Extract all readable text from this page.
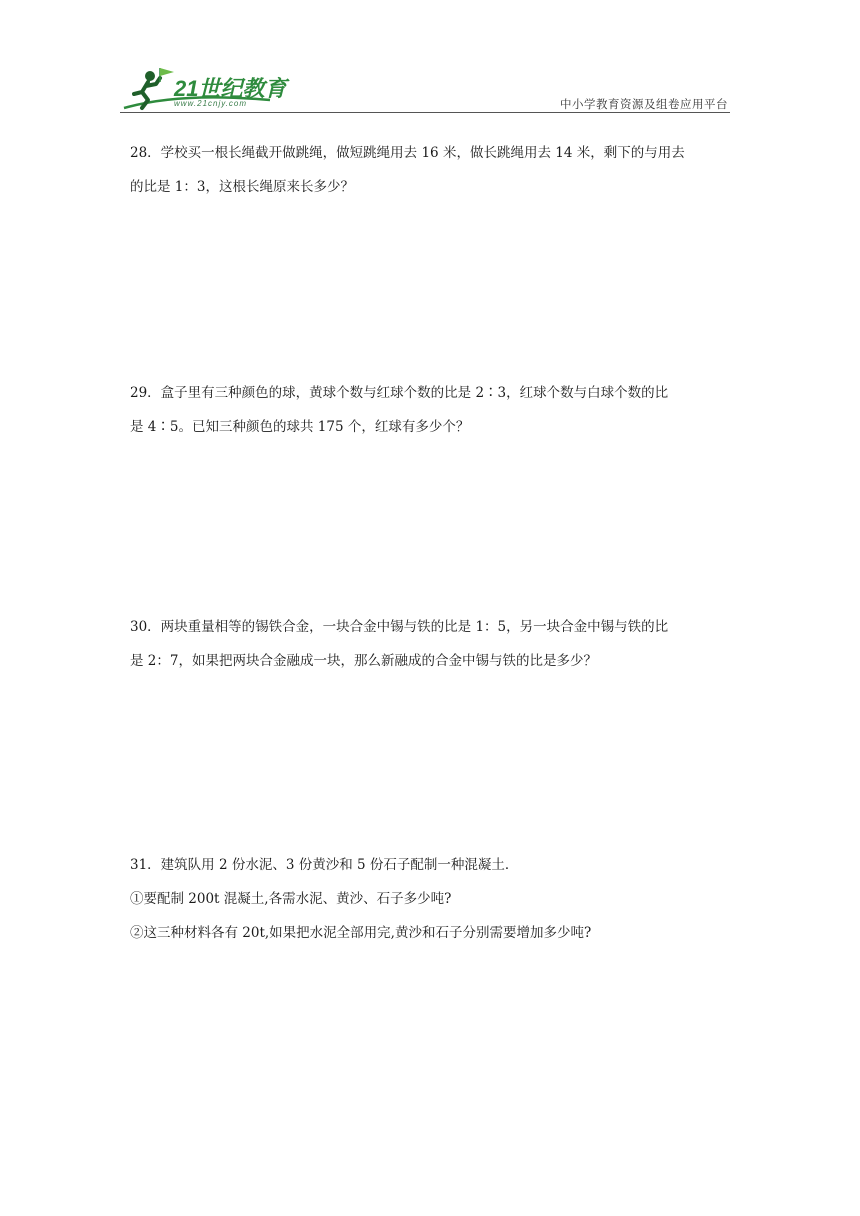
21世纪教育
www.21cnjy.com	中小学教育资源及组卷应用平台

28．学校买一根长绳截开做跳绳，做短跳绳用去 16 米，做长跳绳用去 14 米，剩下的与用去

的比是 1：3，这根长绳原来长多少？

29．盒子里有三种颜色的球，黄球个数与红球个数的比是 2∶3，红球个数与白球个数的比

是 4∶5。已知三种颜色的球共 175 个，红球有多少个？

30．两块重量相等的锡铁合金，一块合金中锡与铁的比是 1：5，另一块合金中锡与铁的比

是 2：7，如果把两块合金融成一块，那么新融成的合金中锡与铁的比是多少？

31．建筑队用 2 份水泥、3 份黄沙和 5 份石子配制一种混凝土．

①要配制 200t 混凝土,各需水泥、黄沙、石子多少吨?

②这三种材料各有 20t,如果把水泥全部用完,黄沙和石子分别需要增加多少吨?
